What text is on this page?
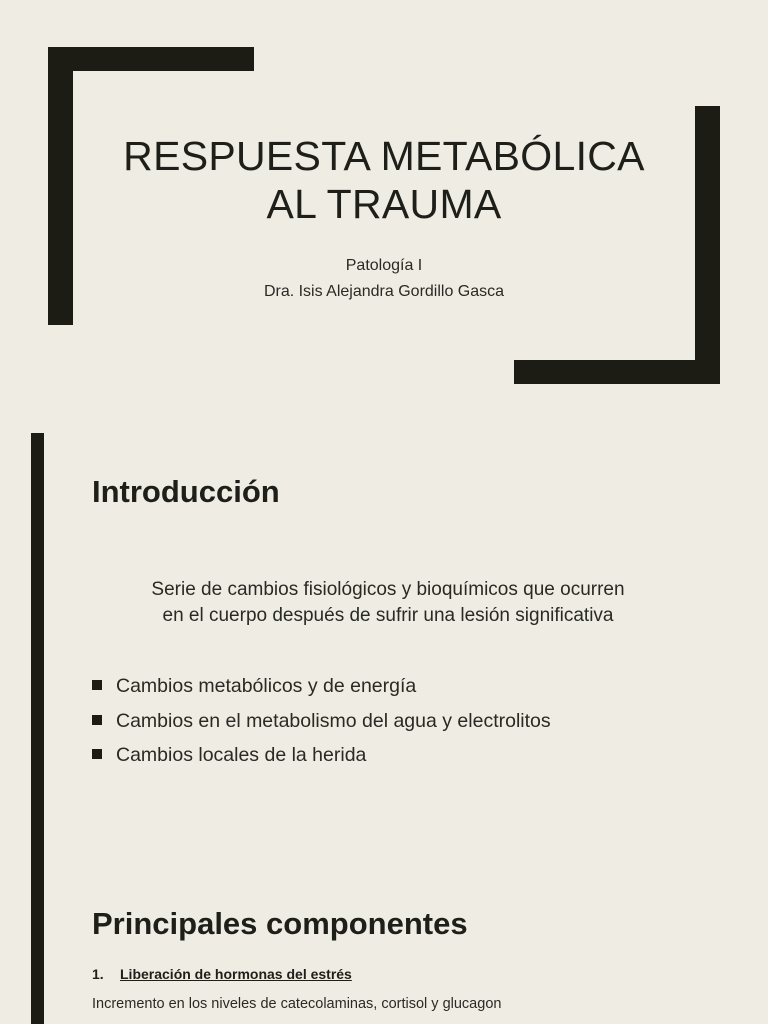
RESPUESTA METABÓLICA
AL TRAUMA
Patología I
Dra. Isis Alejandra Gordillo Gasca
Introducción
Serie de cambios fisiológicos y bioquímicos que ocurren
en el cuerpo después de sufrir una lesión significativa
Cambios metabólicos y de energía
Cambios en el metabolismo del agua y electrolitos
Cambios locales de la herida
Principales componentes
1. Liberación de hormonas del estrés
Incremento en los niveles de catecolaminas, cortisol y glucagon
